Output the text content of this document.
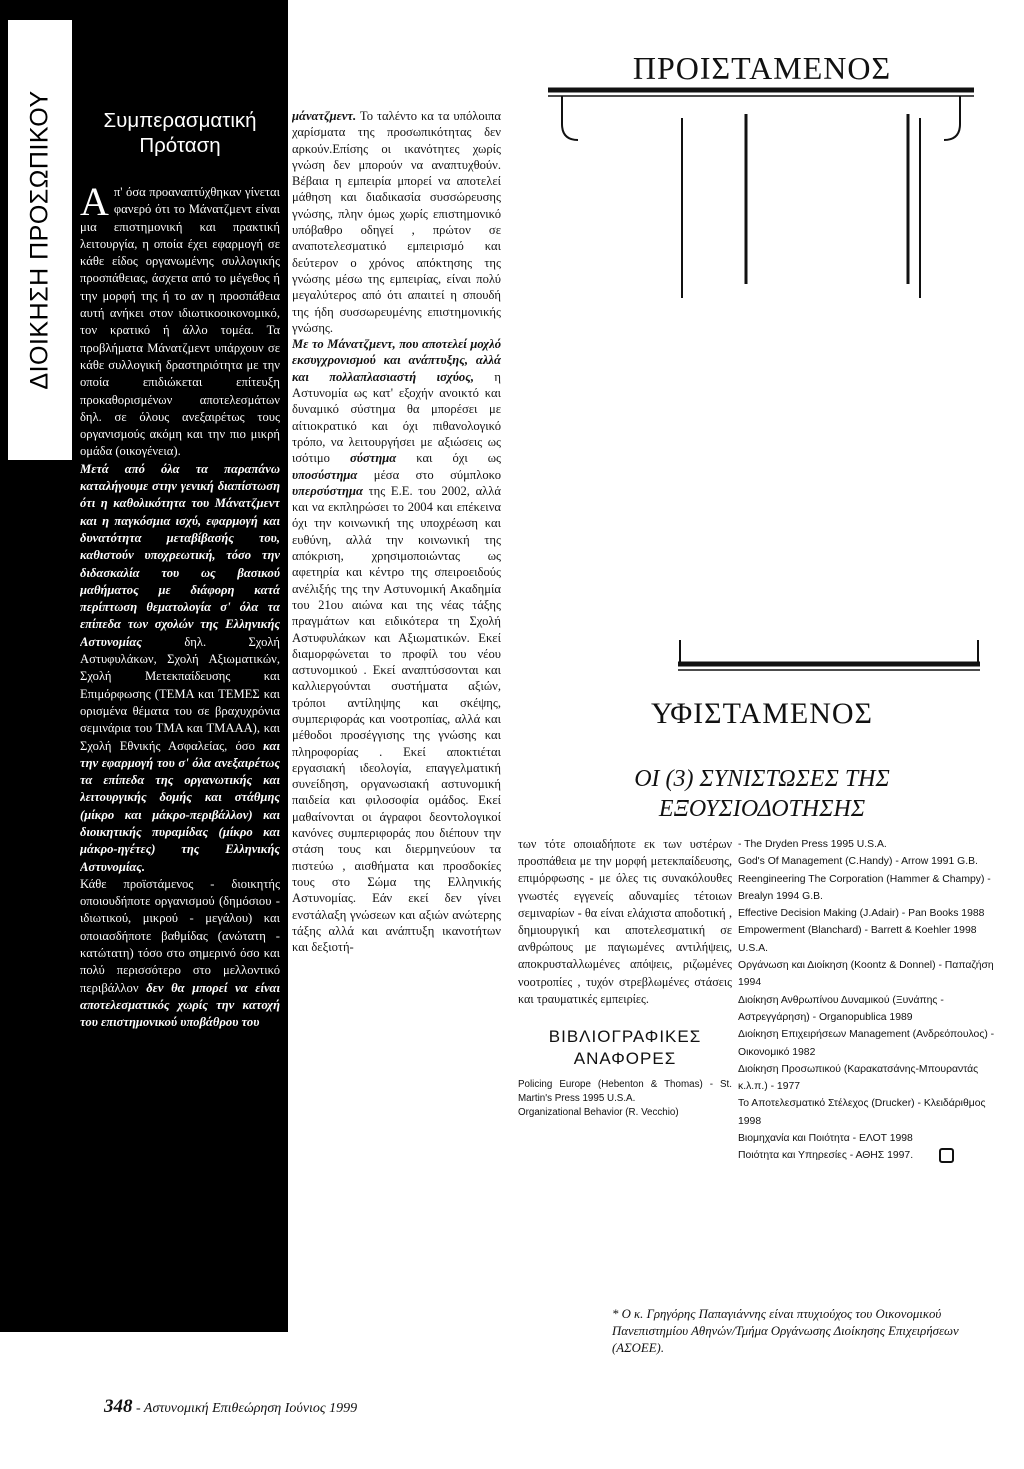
ΔΙΟΙΚΗΣΗ ΠΡΟΣΩΠΙΚΟΥ	Συμπερασματική Πρόταση

Απ' όσα προαναπτύχθηκαν γίνεται φανερό ότι το Μάνατζμεντ είναι μια επιστημονική και πρακτική λειτουργία, η οποία έχει εφαρμογή σε κάθε είδος οργανωμένης συλλογικής προσπάθειας, άσχετα από το μέγεθος ή την μορφή της ή το αν η προσπάθεια αυτή ανήκει στον ιδιωτικοοικονομικό, τον κρατικό ή άλλο τομέα. Τα προβλήματα Μάνατζμεντ υπάρχουν σε κάθε συλλογική δραστηριότητα με την οποία επιδιώκεται επίτευξη προκαθορισμένων αποτελεσμάτων δηλ. σε όλους ανεξαιρέτως τους οργανισμούς ακόμη και την πιο μικρή ομάδα (οικογένεια).

Μετά από όλα τα παραπάνω καταλήγουμε στην γενική διαπίστωση ότι η καθολικότητα του Μάνατζμεντ και η παγκόσμια ισχύ, εφαρμογή και δυνατότητα μεταβίβασής του, καθιστούν υποχρεωτική, τόσο την διδασκαλία του ως βασικού μαθήματος με διάφορη κατά περίπτωση θεματολογία σ' όλα τα επίπεδα των σχολών της Ελληνικής Αστυνομίας δηλ. Σχολή Αστυφυλάκων, Σχολή Αξιωματικών, Σχολή Μετεκπαίδευσης και Επιμόρφωσης (ΤΕΜΑ και ΤΕΜΕΣ και ορισμένα θέματα του σε βραχυχρόνια σεμινάρια του ΤΜΑ και ΤΜΑΑΑ), και Σχολή Εθνικής Ασφαλείας, όσο και την εφαρμογή του σ' όλα ανεξαιρέτως τα επίπεδα της οργανωτικής και λειτουργικής δομής και στάθμης (μίκρο και μάκρο-περιβάλλον) και διοικητικής πυραμίδας (μίκρο και μάκρο-ηγέτες) της Ελληνικής Αστυνομίας.

Κάθε προϊστάμενος - διοικητής οποιουδήποτε οργανισμού (δημόσιου - ιδιωτικού, μικρού - μεγάλου) και οποιασδήποτε βαθμίδας (ανώτατη - κατώτατη) τόσο στο σημερινό όσο και πολύ περισσότερο στο μελλοντικό περιβάλλον δεν θα μπορεί να είναι αποτελεσματικός χωρίς την κατοχή του επιστημονικού υποβάθρου του

μάνατζμεντ. Το ταλέντο κα τα υπόλοιπα χαρίσματα της προσωπικότητας δεν αρκούν.Επίσης οι ικανότητες χωρίς γνώση δεν μπορούν να αναπτυχθούν. Βέβαια η εμπειρία μπορεί να αποτελεί μάθηση και διαδικασία συσσώρευσης γνώσης, πλην όμως χωρίς επιστημονικό υπόβαθρο οδηγεί , πρώτον σε αναποτελεσματικό εμπειρισμό και δεύτερον ο χρόνος απόκτησης της γνώσης μέσω της εμπειρίας, είναι πολύ μεγαλύτερος από ότι απαιτεί η σπουδή της ήδη συσσωρευμένης επιστημονικής γνώσης.

Με το Μάνατζμεντ, που αποτελεί μοχλό εκσυγχρονισμού και ανάπτυξης, αλλά και πολλαπλασιαστή ισχύος, η Αστυνομία ως κατ' εξοχήν ανοικτό και δυναμικό σύστημα θα μπορέσει με αίτιοκρατικό και όχι πιθανολογικό τρόπο, να λειτουργήσει με αξιώσεις ως ισότιμο σύστημα και όχι ως υποσύστημα μέσα στο σύμπλοκο υπερσύστημα της Ε.Ε. του 2002, αλλά και να εκπληρώσει το 2004 και επέκεινα όχι την κοινωνική της υποχρέωση και ευθύνη, αλλά την κοινωνική της απόκριση, χρησιμοποιώντας ως αφετηρία και κέντρο της σπειροειδούς ανέλιξής της την Αστυνομική Ακαδημία του 21ου αιώνα και της νέας τάξης πραγμάτων και ειδικότερα τη Σχολή Αστυφυλάκων και Αξιωματικών. Εκεί διαμορφώνεται το προφίλ του νέου αστυνομικού . Εκεί αναπτύσσονται και καλλιεργούνται συστήματα αξιών, τρόποι αντίληψης και σκέψης, συμπεριφοράς και νοοτροπίας, αλλά και μέθοδοι προσέγγισης της γνώσης και πληροφορίας . Εκεί αποκτιέται εργασιακή ιδεολογία, επαγγελματική συνείδηση, οργανωσιακή αστυνομική παιδεία και φιλοσοφία ομάδος. Εκεί μαθαίνονται οι άγραφοι δεοντολογικοί κανόνες συμπεριφοράς που διέπουν την στάση τους και διερμηνεύουν τα πιστεύω , αισθήματα και προσδοκίες τους στο Σώμα της Ελληνικής Αστυνομίας. Εάν εκεί δεν γίνει ενστάλαξη γνώσεων και αξιών ανώτερης τάξης αλλά και ανάπτυξη ικανοτήτων και δεξιοτή-

ΠΡΟΙΣΤΑΜΕΝΟΣ
ΥΦΙΣΤΑΜΕΝΟΣ
ΟΙ (3) ΣΥΝΙΣΤΩΣΕΣ ΤΗΣ ΕΞΟΥΣΙΟΔΟΤΗΣΗΣ

των τότε οποιαδήποτε εκ των υστέρων προσπάθεια με την μορφή μετεκπαίδευσης, επιμόρφωσης - με όλες τις συνακόλουθες γνωστές εγγενείς αδυναμίες τέτοιων σεμιναρίων - θα είναι ελάχιστα αποδοτική , δημιουργική και αποτελεσματική σε ανθρώπους με παγιωμένες αντιλήψεις, αποκρυσταλλωμένες απόψεις, ριζωμένες νοοτροπίες , τυχόν στρεβλωμένες στάσεις και τραυματικές εμπειρίες.

ΒΙΒΛΙΟΓΡΑΦΙΚΕΣ ΑΝΑΦΟΡΕΣ
Policing Europe (Hebenton & Thomas) - St. Martin's Press 1995 U.S.A.
Organizational Behavior (R. Vecchio)
- The Dryden Press 1995 U.S.A.
God's Of Management (C.Handy) - Arrow 1991 G.B.
Reengineering The Corporation (Hammer & Champy) - Brealyn 1994 G.B.
Effective Decision Making (J.Adair) - Pan Books 1988
Empowerment (Blanchard) - Barrett & Koehler 1998 U.S.A.
Οργάνωση και Διοίκηση (Koontz & Donnel) - Παπαζήση 1994
Διοίκηση Ανθρωπίνου Δυναμικού (Ξυνάπης - Αστρεγγάρηση) - Organopublica 1989
Διοίκηση Επιχειρήσεων Management (Ανδρεόπουλος) - Οικονομικό 1982
Διοίκηση Προσωπικού (Καρακατσάνης-Μπουραντάς κ.λ.π.) - 1977
Το Αποτελεσματικό Στέλεχος (Drucker) - Κλειδάριθμος 1998
Βιομηχανία και Ποιότητα - ΕΛΟΤ 1998
Ποιότητα και Υπηρεσίες - ΑΘΗΣ 1997.
* Ο κ. Γρηγόρης Παπαγιάννης είναι πτυχιούχος του Οικονομικού Πανεπιστημίου Αθηνών/Τμήμα Οργάνωσης Διοίκησης Επιχειρήσεων (ΑΣΟΕΕ).
348 - Αστυνομική Επιθεώρηση Ιούνιος 1999
